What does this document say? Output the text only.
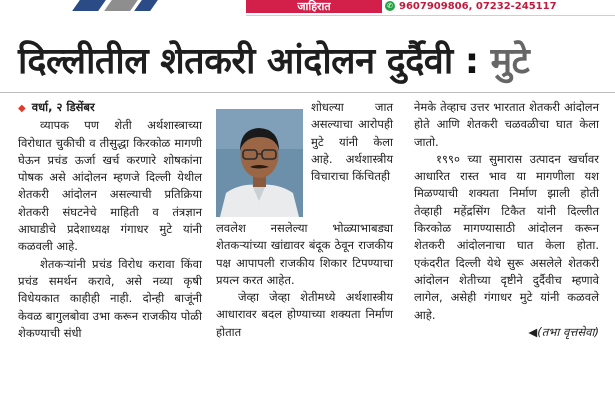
जाहिरात	✆ 9607909806, 07232-245117
दिल्लीतील शेतकरी आंदोलन दुर्दैवी : मुटे

◆ वर्धा, २ डिसेंबर

व्यापक पण शेती अर्थशास्त्राच्या विरोधात चुकीची व तीसुद्धा किरकोळ मागणी घेऊन प्रचंड ऊर्जा खर्च करणारे शोषकांना पोषक असे आंदोलन म्हणजे दिल्ली येथील शेतकरी आंदोलन असल्याची प्रतिक्रिया शेतकरी संघटनेचे माहिती व तंत्रज्ञान आघाडीचे प्रदेशाध्यक्ष गंगाधर मुटे यांनी कळवली आहे.

शेतकऱ्यांनी प्रचंड विरोध करावा किंवा प्रचंड समर्थन करावे, असे नव्या कृषी विधेयकात काहीही नाही. दोन्ही बाजूंनी केवळ बागुलबोवा उभा करून राजकीय पोळी शेकण्याची संधी

शोधल्या जात असल्याचा आरोपही मुटे यांनी केला आहे. अर्थशास्त्रीय विचाराचा किंचितही

लवलेश नसलेल्या भोळ्याभाबड्या शेतकऱ्यांच्या खांद्यावर बंदूक ठेवून राजकीय पक्ष आपापली राजकीय शिकार टिपण्याचा प्रयत्न करत आहेत.

जेव्हा जेव्हा शेतीमध्ये अर्थशास्त्रीय आधारावर बदल होण्याच्या शक्यता निर्माण होतात

नेमके तेव्हाच उत्तर भारतात शेतकरी आंदोलन होते आणि शेतकरी चळवळीचा घात केला जातो.

१९९० च्या सुमारास उत्पादन खर्चावर आधारित रास्त भाव या मागणीला यश मिळण्याची शक्यता निर्माण झाली होती तेव्हाही महेंद्रसिंग टिकैत यांनी दिल्लीत किरकोळ मागण्यासाठी आंदोलन करून शेतकरी आंदोलनाचा घात केला होता. एकंदरीत दिल्ली येथे सुरू असलेले शेतकरी आंदोलन शेतीच्या दृष्टीने दुर्दैवीच म्हणावे लागेल, असेही गंगाधर मुटे यांनी कळवले आहे.

◀(तभा वृत्तसेवा)
